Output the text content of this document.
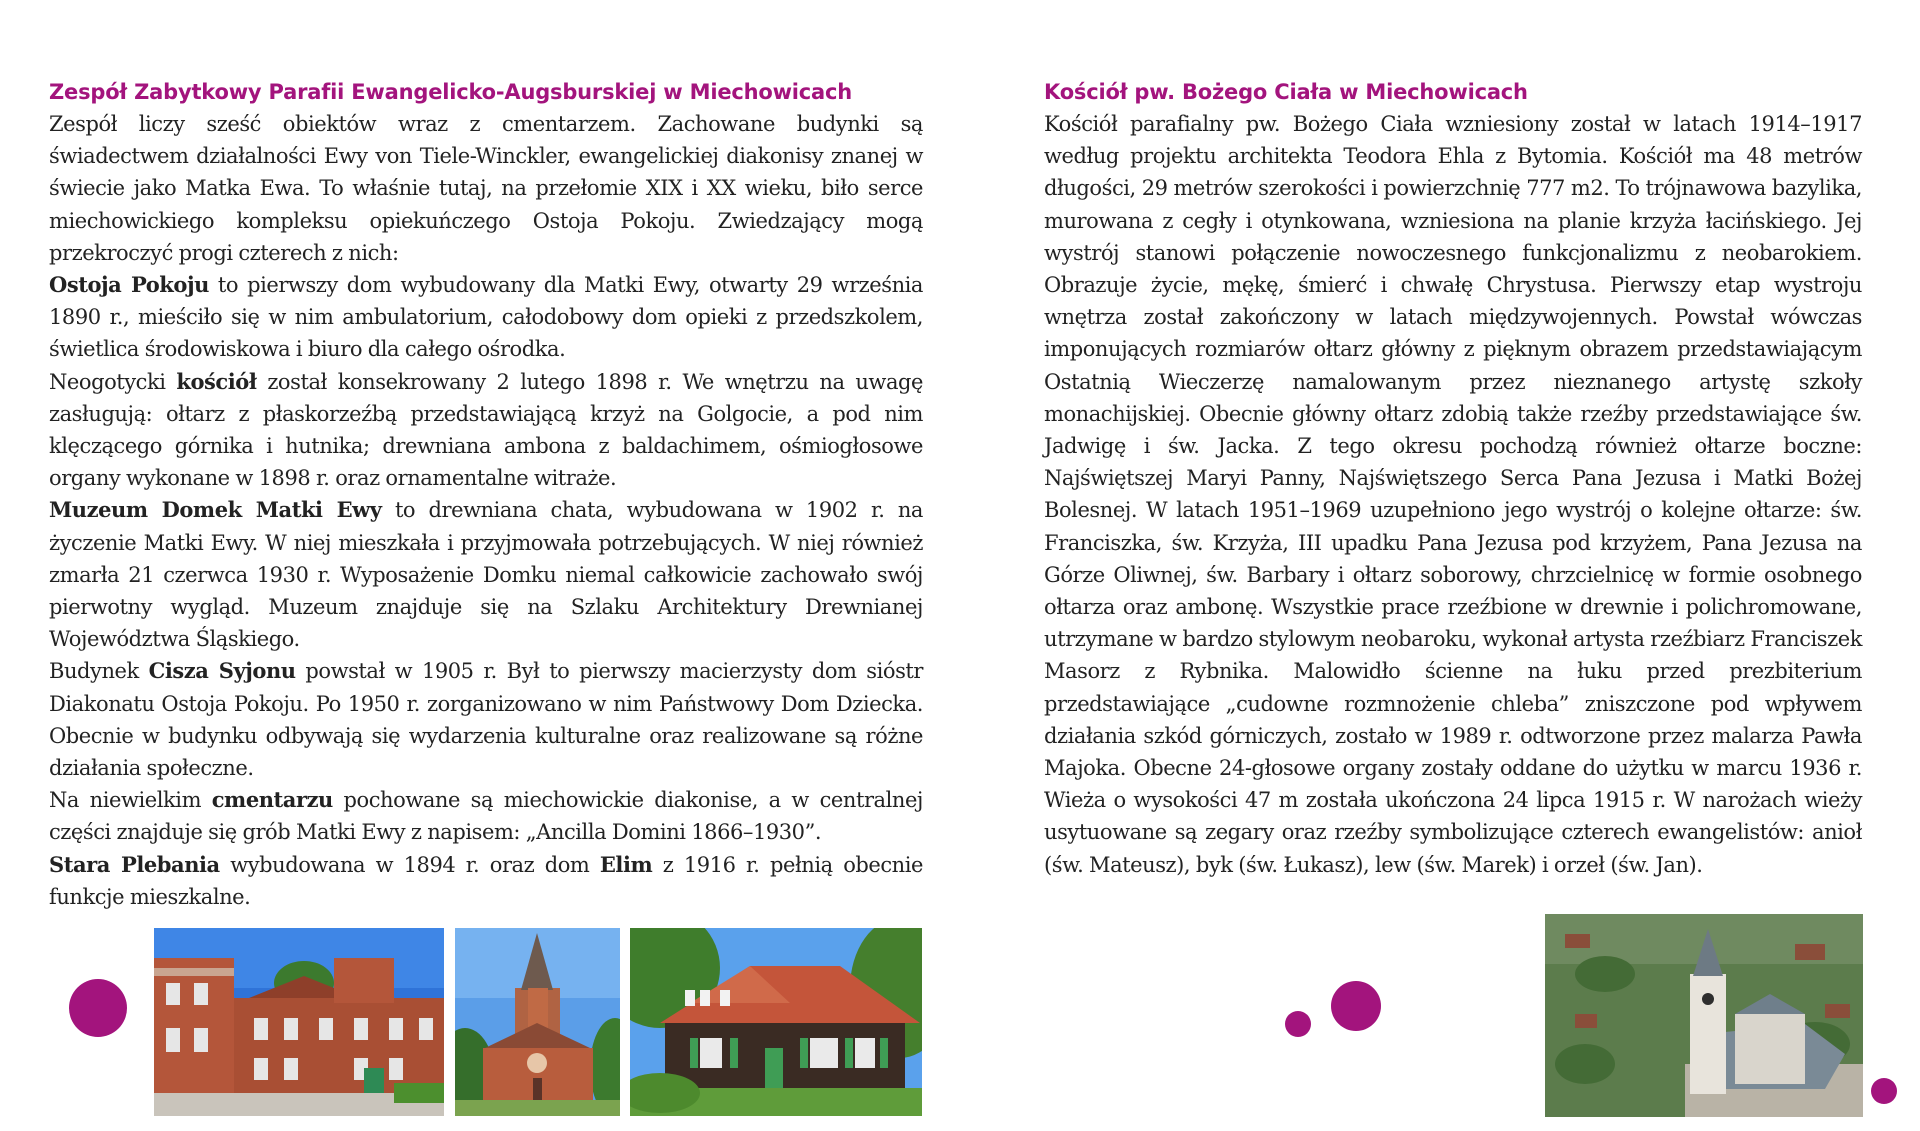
Zespół Zabytkowy Parafii Ewangelicko-Augsburskiej w Miechowicach

Zespół liczy sześć obiektów wraz z cmentarzem. Zachowane budynki są świadectwem działalności Ewy von Tiele-Winckler, ewangelickiej diakonisy znanej w świecie jako Matka Ewa. To właśnie tutaj, na przełomie XIX i XX wieku, biło serce miechowickiego kompleksu opiekuńczego Ostoja Pokoju. Zwiedzający mogą przekroczyć progi czterech z nich:

Ostoja Pokoju to pierwszy dom wybudowany dla Matki Ewy, otwarty 29 września 1890 r., mieściło się w nim ambulatorium, całodobowy dom opieki z przedszkolem, świetlica środowiskowa i biuro dla całego ośrodka.

Neogotycki kościół został konsekrowany 2 lutego 1898 r. We wnętrzu na uwagę zasługują: ołtarz z płaskorzeźbą przedstawiającą krzyż na Golgocie, a pod nim klęczącego górnika i hutnika; drewniana ambona z baldachimem, ośmiogłosowe organy wykonane w 1898 r. oraz ornamentalne witraże.

Muzeum Domek Matki Ewy to drewniana chata, wybudowana w 1902 r. na życzenie Matki Ewy. W niej mieszkała i przyjmowała potrzebujących. W niej również zmarła 21 czerwca 1930 r. Wyposażenie Domku niemal całkowicie zachowało swój pierwotny wygląd. Muzeum znajduje się na Szlaku Architektury Drewnianej Województwa Śląskiego.

Budynek Cisza Syjonu powstał w 1905 r. Był to pierwszy macierzysty dom sióstr Diakonatu Ostoja Pokoju. Po 1950 r. zorganizowano w nim Państwowy Dom Dziecka. Obecnie w budynku odbywają się wydarzenia kulturalne oraz realizowane są różne działania społeczne.

Na niewielkim cmentarzu pochowane są miechowickie diakonise, a w centralnej części znajduje się grób Matki Ewy z napisem: „Ancilla Domini 1866–1930”.

Stara Plebania wybudowana w 1894 r. oraz dom Elim z 1916 r. pełnią obecnie funkcje mieszkalne.

Kościół pw. Bożego Ciała w Miechowicach

Kościół parafialny pw. Bożego Ciała wzniesiony został w latach 1914–1917 według projektu architekta Teodora Ehla z Bytomia. Kościół ma 48 metrów długości, 29 metrów szerokości i powierzchnię 777 m2. To trójnawowa bazylika, murowana z cegły i otynkowana, wzniesiona na planie krzyża łacińskiego. Jej wystrój stanowi połączenie nowoczesnego funkcjonalizmu z neobarokiem. Obrazuje życie, mękę, śmierć i chwałę Chrystusa. Pierwszy etap wystroju wnętrza został zakończony w latach międzywojennych. Powstał wówczas imponujących rozmiarów ołtarz główny z pięknym obrazem przedstawiającym Ostatnią Wieczerzę namalowanym przez nieznanego artystę szkoły monachijskiej. Obecnie główny ołtarz zdobią także rzeźby przedstawiające św. Jadwigę i św. Jacka. Z tego okresu pochodzą również ołtarze boczne: Najświętszej Maryi Panny, Najświętszego Serca Pana Jezusa i Matki Bożej Bolesnej. W latach 1951–1969 uzupełniono jego wystrój o kolejne ołtarze: św. Franciszka, św. Krzyża, III upadku Pana Jezusa pod krzyżem, Pana Jezusa na Górze Oliwnej, św. Barbary i ołtarz soborowy, chrzcielnicę w formie osobnego ołtarza oraz ambonę. Wszystkie prace rzeźbione w drewnie i polichromowane, utrzymane w bardzo stylowym neobaroku, wykonał artysta rzeźbiarz Franciszek Masorz z Rybnika. Malowidło ścienne na łuku przed prezbiterium przedstawiające „cudowne rozmnożenie chleba” zniszczone pod wpływem działania szkód górniczych, zostało w 1989 r. odtworzone przez malarza Pawła Majoka. Obecne 24-głosowe organy zostały oddane do użytku w marcu 1936 r. Wieża o wysokości 47 m została ukończona 24 lipca 1915 r. W narożach wieży usytuowane są zegary oraz rzeźby symbolizujące czterech ewangelistów: anioł (św. Mateusz), byk (św. Łukasz), lew (św. Marek) i orzeł (św. Jan).
